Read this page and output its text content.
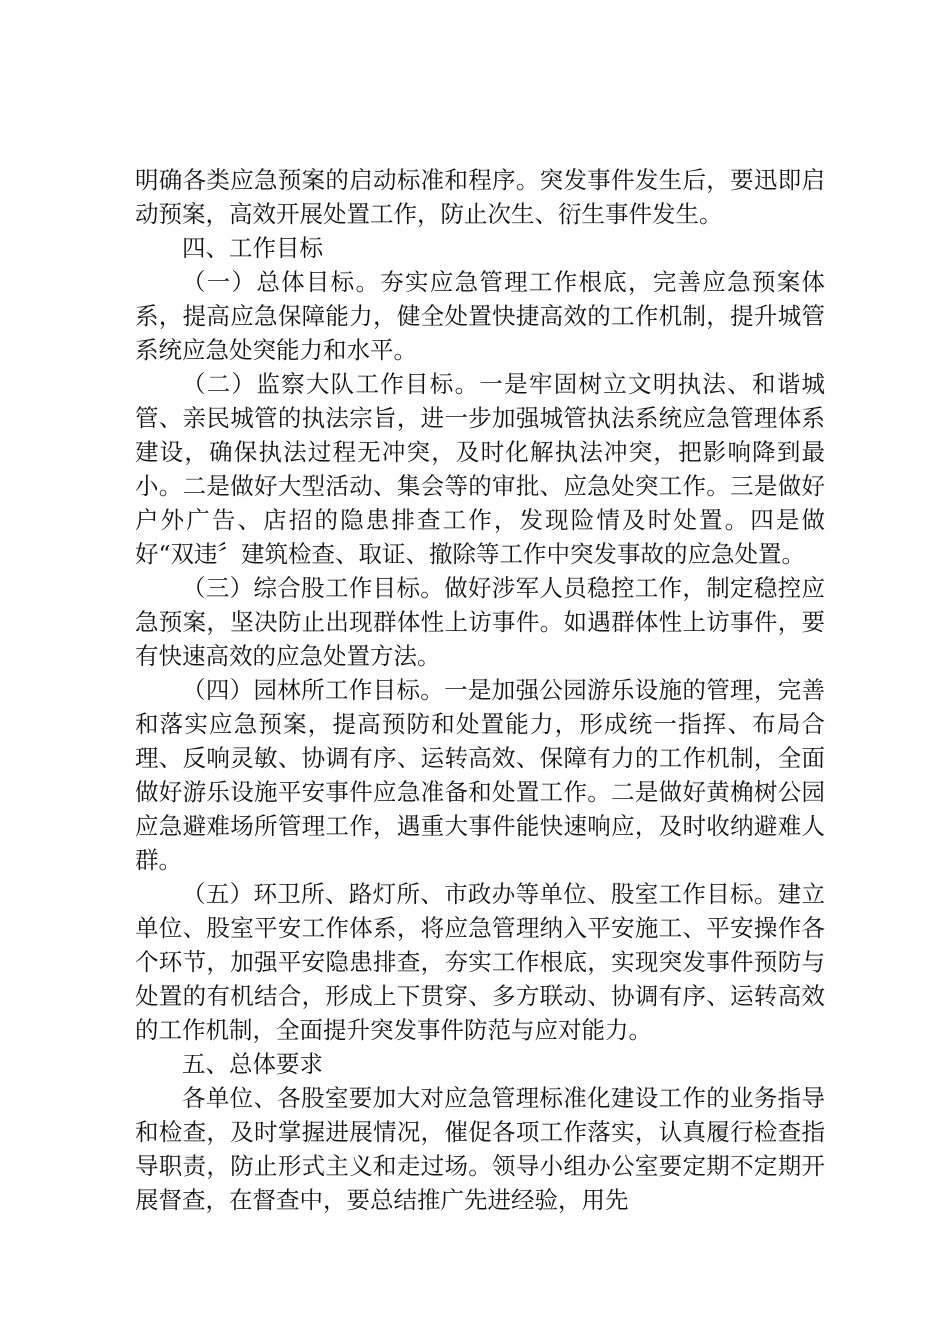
明确各类应急预案的启动标准和程序。突发事件发生后，要迅即启动预案，高效开展处置工作，防止次生、衍生事件发生。

四、工作目标

（一）总体目标。夯实应急管理工作根底，完善应急预案体系，提高应急保障能力，健全处置快捷高效的工作机制，提升城管系统应急处突能力和水平。

（二）监察大队工作目标。一是牢固树立文明执法、和谐城管、亲民城管的执法宗旨，进一步加强城管执法系统应急管理体系建设，确保执法过程无冲突，及时化解执法冲突，把影响降到最小。二是做好大型活动、集会等的审批、应急处突工作。三是做好户外广告、店招的隐患排查工作，发现险情及时处置。四是做好“双违〞建筑检查、取证、撤除等工作中突发事故的应急处置。

（三）综合股工作目标。做好涉军人员稳控工作，制定稳控应急预案，坚决防止出现群体性上访事件。如遇群体性上访事件，要有快速高效的应急处置方法。

（四）园林所工作目标。一是加强公园游乐设施的管理，完善和落实应急预案，提高预防和处置能力，形成统一指挥、布局合理、反响灵敏、协调有序、运转高效、保障有力的工作机制，全面做好游乐设施平安事件应急准备和处置工作。二是做好黄桷树公园应急避难场所管理工作，遇重大事件能快速响应，及时收纳避难人群。

（五）环卫所、路灯所、市政办等单位、股室工作目标。建立单位、股室平安工作体系，将应急管理纳入平安施工、平安操作各个环节，加强平安隐患排查，夯实工作根底，实现突发事件预防与处置的有机结合，形成上下贯穿、多方联动、协调有序、运转高效的工作机制，全面提升突发事件防范与应对能力。

五、总体要求

各单位、各股室要加大对应急管理标准化建设工作的业务指导和检查，及时掌握进展情况，催促各项工作落实，认真履行检查指导职责，防止形式主义和走过场。领导小组办公室要定期不定期开展督查，在督查中，要总结推广先进经验，用先
